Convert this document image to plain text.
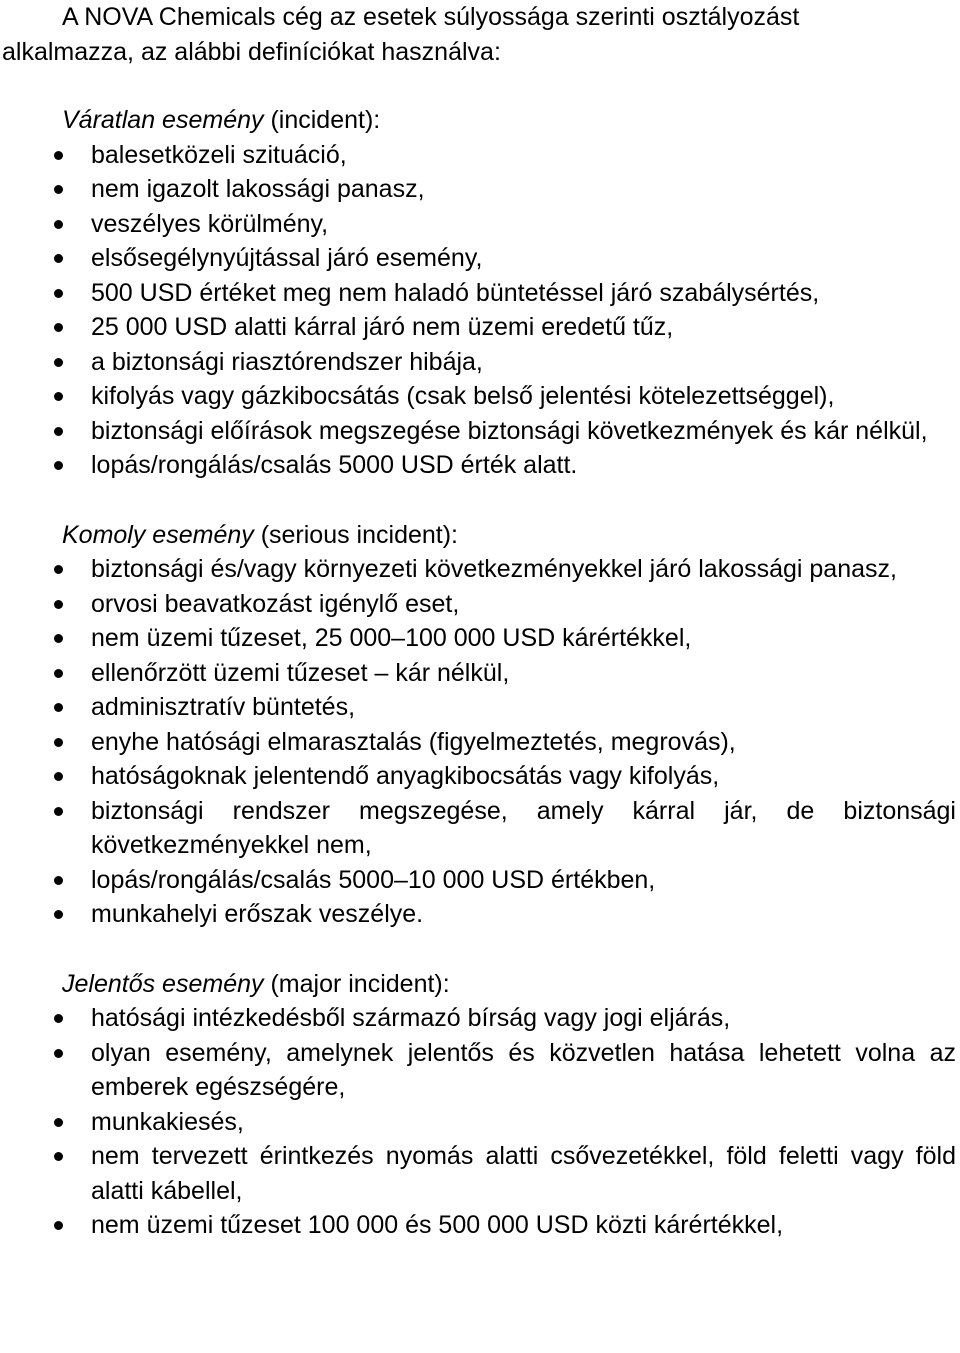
A NOVA Chemicals cég az esetek súlyossága szerinti osztályozást
alkalmazza, az alábbi definíciókat használva:

Váratlan esemény (incident):

balesetközeli szituáció,
nem igazolt lakossági panasz,
veszélyes körülmény,
elsősegélynyújtással járó esemény,
500 USD értéket meg nem haladó büntetéssel járó szabálysértés,
25 000 USD alatti kárral járó nem üzemi eredetű tűz,
a biztonsági riasztórendszer hibája,
kifolyás vagy gázkibocsátás (csak belső jelentési kötelezettséggel),
biztonsági előírások megszegése biztonsági következmények és kár nélkül,
lopás/rongálás/csalás 5000 USD érték alatt.

Komoly esemény (serious incident):

biztonsági és/vagy környezeti következményekkel járó lakossági panasz,
orvosi beavatkozást igénylő eset,
nem üzemi tűzeset, 25 000–100 000 USD kárértékkel,
ellenőrzött üzemi tűzeset – kár nélkül,
adminisztratív büntetés,
enyhe hatósági elmarasztalás (figyelmeztetés, megrovás),
hatóságoknak jelentendő anyagkibocsátás vagy kifolyás,
biztonsági rendszer megszegése, amely kárral jár, de biztonsági következményekkel nem,
lopás/rongálás/csalás 5000–10 000 USD értékben,
munkahelyi erőszak veszélye.

Jelentős esemény (major incident):

hatósági intézkedésből származó bírság vagy jogi eljárás,
olyan esemény, amelynek jelentős és közvetlen hatása lehetett volna az emberek egészségére,
munkakiesés,
nem tervezett érintkezés nyomás alatti csővezetékkel, föld feletti vagy föld alatti kábellel,
nem üzemi tűzeset 100 000 és 500 000 USD közti kárértékkel,
